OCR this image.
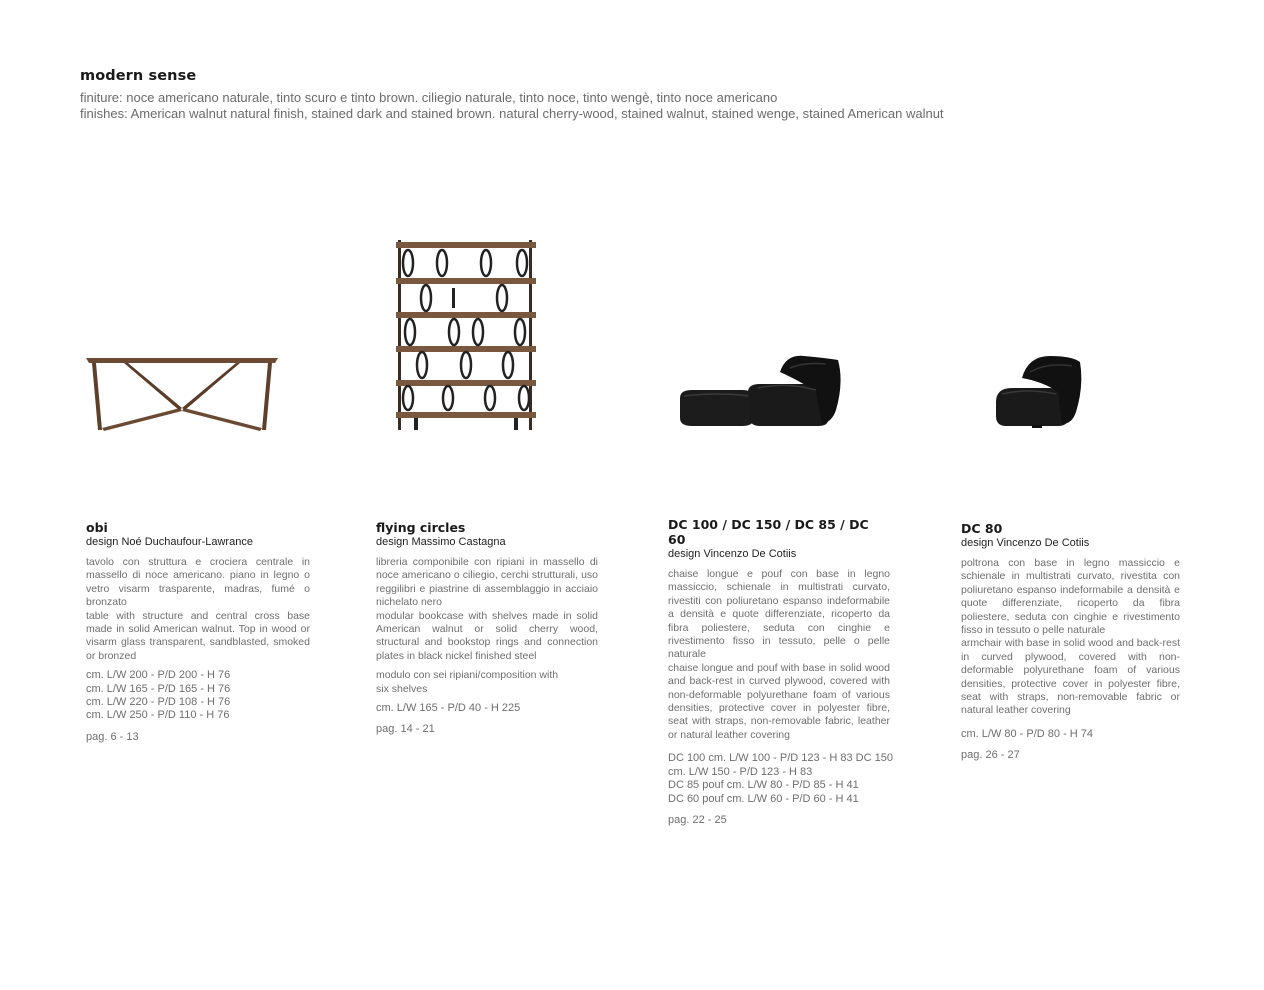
modern sense
finiture: noce americano naturale, tinto scuro e tinto brown. ciliegio naturale, tinto noce, tinto wengè, tinto noce americano
finishes: American walnut natural finish, stained dark and stained brown. natural cherry-wood, stained walnut, stained wenge, stained American walnut
obi
design Noé Duchaufour-Lawrance

tavolo con struttura e crociera centrale in massello di noce americano. piano in legno o vetro visarm trasparente, madras, fumé o bronzato

table with structure and central cross base made in solid American walnut. Top in wood or visarm glass transparent, sandblasted, smoked or bronzed

cm. L/W 200 - P/D 200 - H 76
cm. L/W 165 - P/D 165 - H 76
cm. L/W 220 - P/D 108 - H 76
cm. L/W 250 - P/D 110 - H 76
pag. 6 - 13
flying circles
design Massimo Castagna

libreria componibile con ripiani in massello di noce americano o ciliegio, cerchi strutturali, uso reggilibri e piastrine di assemblaggio in acciaio nichelato nero

modular bookcase with shelves made in solid American walnut or solid cherry wood, structural and bookstop rings and connection plates in black nickel finished steel

modulo con sei ripiani/composition with six shelves

cm. L/W 165 - P/D 40 - H 225
pag. 14 - 21
DC 100 / DC 150 / DC 85 / DC 60
design Vincenzo De Cotiis

chaise longue e pouf con base in legno massiccio, schienale in multistrati curvato, rivestiti con poliuretano espanso indeformabile a densità e quote differenziate, ricoperto da fibra poliestere, seduta con cinghie e rivestimento fisso in tessuto, pelle o pelle naturale

chaise longue and pouf with base in solid wood and back-rest in curved plywood, covered with non-deformable polyurethane foam of various densities, protective cover in polyester fibre, seat with straps, non-removable fabric, leather or natural leather covering

DC 100 cm. L/W 100 - P/D 123 - H 83 DC 150
cm. L/W 150 - P/D 123 - H 83
DC 85 pouf cm. L/W 80 - P/D 85 - H 41
DC 60 pouf cm. L/W 60 - P/D 60 - H 41
pag. 22 - 25
DC 80
design Vincenzo De Cotiis

poltrona con base in legno massiccio e schienale in multistrati curvato, rivestita con poliuretano espanso indeformabile a densità e quote differenziate, ricoperto da fibra poliestere, seduta con cinghie e rivestimento fisso in tessuto o pelle naturale

armchair with base in solid wood and back-rest in curved plywood, covered with non-deformable polyurethane foam of various densities, protective cover in polyester fibre, seat with straps, non-removable fabric or natural leather covering

cm. L/W 80 - P/D 80 - H 74
pag. 26 - 27
